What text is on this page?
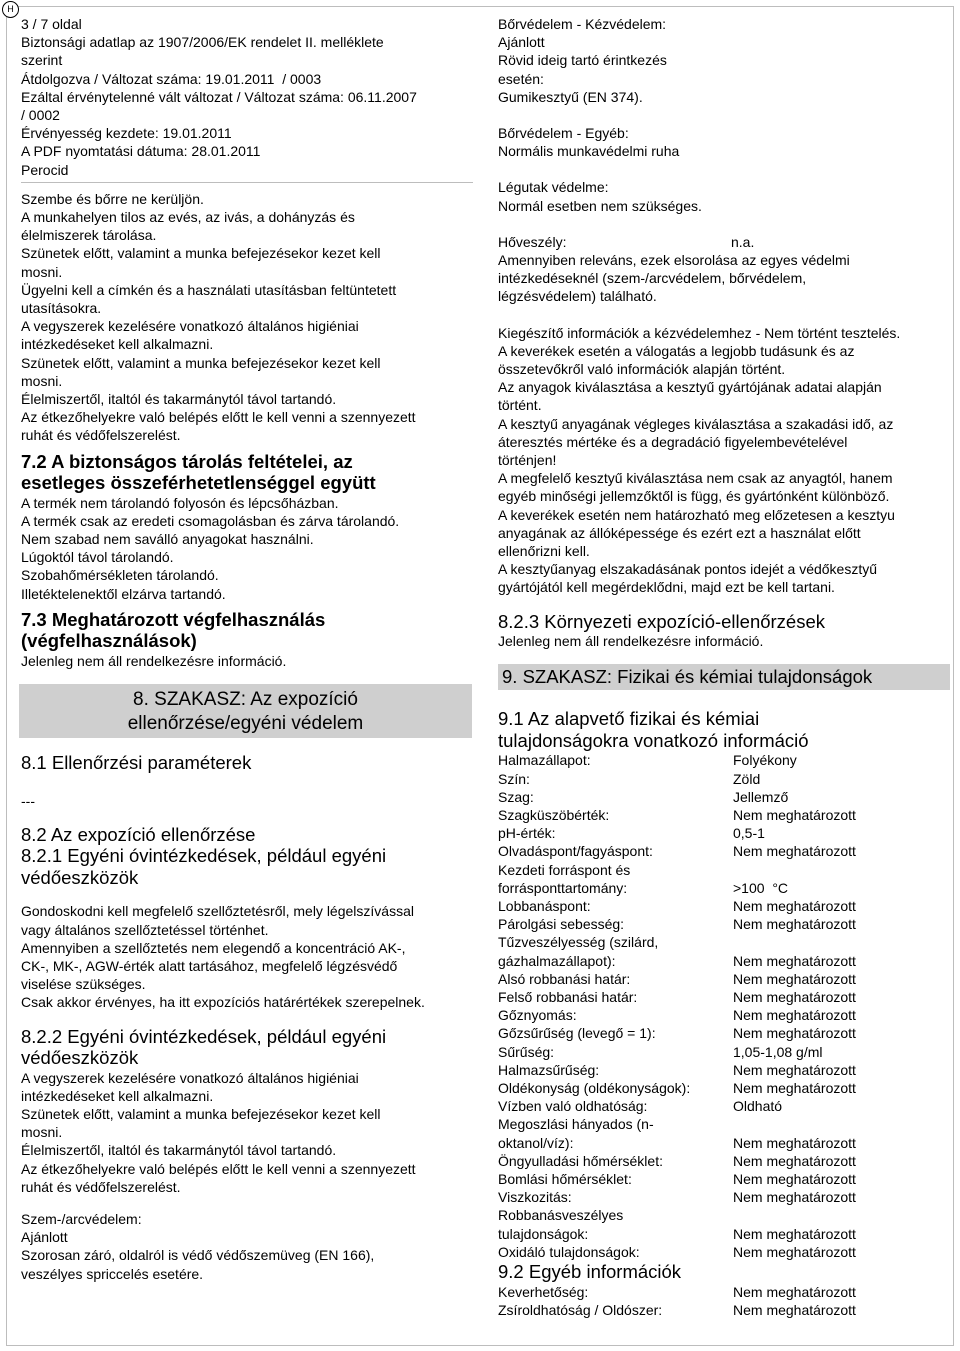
H
3 / 7 oldal
Biztonsági adatlap az 1907/2006/EK rendelet II. melléklete
szerint
Átdolgozva / Változat száma: 19.01.2011  / 0003
Ezáltal érvénytelenné vált változat / Változat száma: 06.11.2007
/ 0002
Érvényesség kezdete: 19.01.2011
A PDF nyomtatási dátuma: 28.01.2011
Perocid
Szembe és bőrre ne kerüljön.
A munkahelyen tilos az evés, az ivás, a dohányzás és
élelmiszerek tárolása.
Szünetek előtt, valamint a munka befejezésekor kezet kell
mosni.
Ügyelni kell a címkén és a használati utasításban feltüntetett
utasításokra.
A vegyszerek kezelésére vonatkozó általános higiéniai
intézkedéseket kell alkalmazni.
Szünetek előtt, valamint a munka befejezésekor kezet kell
mosni.
Élelmiszertől, italtól és takarmánytól távol tartandó.
Az étkezőhelyekre való belépés előtt le kell venni a szennyezett
ruhát és védőfelszerelést.
7.2 A biztonságos tárolás feltételei, az
esetleges összeférhetetlenséggel együtt
A termék nem tárolandó folyosón és lépcsőházban.
A termék csak az eredeti csomagolásban és zárva tárolandó.
Nem szabad nem saválló anyagokat használni.
Lúgoktól távol tárolandó.
Szobahőmérsékleten tárolandó.
Illetéktelenektől elzárva tartandó.
7.3 Meghatározott végfelhasználás
(végfelhasználások)
Jelenleg nem áll rendelkezésre információ.
8. SZAKASZ: Az expozíció
ellenőrzése/egyéni védelem
8.1 Ellenőrzési paraméterek
---
8.2 Az expozíció ellenőrzése
8.2.1 Egyéni óvintézkedések, például egyéni
védőeszközök
Gondoskodni kell megfelelő szellőztetésről, mely légelszívással
vagy általános szellőztetéssel történhet.
Amennyiben a szellőztetés nem elegendő a koncentráció AK-,
CK-, MK-, AGW-érték alatt tartásához, megfelelő légzésvédő
viselése szükséges.
Csak akkor érvényes, ha itt expozíciós határértékek szerepelnek.
8.2.2 Egyéni óvintézkedések, például egyéni
védőeszközök
A vegyszerek kezelésére vonatkozó általános higiéniai
intézkedéseket kell alkalmazni.
Szünetek előtt, valamint a munka befejezésekor kezet kell
mosni.
Élelmiszertől, italtól és takarmánytól távol tartandó.
Az étkezőhelyekre való belépés előtt le kell venni a szennyezett
ruhát és védőfelszerelést.
Szem-/arcvédelem:
Ajánlott
Szorosan záró, oldalról is védő védőszemüveg (EN 166),
veszélyes spriccelés esetére.
Bőrvédelem - Kézvédelem:
Ajánlott
Rövid ideig tartó érintkezés
esetén:
Gumikesztyű (EN 374).
Bőrvédelem - Egyéb:
Normális munkavédelmi ruha
Légutak védelme:
Normál esetben nem szükséges.
Hőveszély:	n.a.
Amennyiben releváns, ezek elsorolása az egyes védelmi
intézkedéseknél (szem-/arcvédelem, bőrvédelem,
légzésvédelem) található.
Kiegészítő információk a kézvédelemhez - Nem történt tesztelés.
A keverékek esetén a válogatás a legjobb tudásunk és az
összetevőkről való információk alapján történt.
Az anyagok kiválasztása a kesztyű gyártójának adatai alapján
történt.
A kesztyű anyagának végleges kiválasztása a szakadási idő, az
áteresztés mértéke és a degradáció figyelembevételével
történjen!
A megfelelő kesztyű kiválasztása nem csak az anyagtól, hanem
egyéb minőségi jellemzőktől is függ, és gyártónként különböző.
A keverékek esetén nem határozható meg előzetesen a kesztyu
anyagának az állóképessége és ezért ezt a használat előtt
ellenőrizni kell.
A kesztyűanyag elszakadásának pontos idejét a védőkesztyű
gyártójától kell megérdeklődni, majd ezt be kell tartani.
8.2.3 Környezeti expozíció-ellenőrzések
Jelenleg nem áll rendelkezésre információ.
9. SZAKASZ: Fizikai és kémiai tulajdonságok
9.1 Az alapvető fizikai és kémiai
tulajdonságokra vonatkozó információ
Halmazállapot:	Folyékony
Szín:	Zöld
Szag:	Jellemző
Szagküszöbérték:	Nem meghatározott
pH-érték:	0,5-1
Olvadáspont/fagyáspont:	Nem meghatározott
Kezdeti forráspont és
forrásponttartomány:	>100  °C
Lobbanáspont:	Nem meghatározott
Párolgási sebesség:	Nem meghatározott
Tűzveszélyesség (szilárd,
gázhalmazállapot):	Nem meghatározott
Alsó robbanási határ:	Nem meghatározott
Felső robbanási határ:	Nem meghatározott
Gőznyomás:	Nem meghatározott
Gőzsűrűség (levegő = 1):	Nem meghatározott
Sűrűség:	1,05-1,08 g/ml
Halmazsűrűség:	Nem meghatározott
Oldékonyság (oldékonyságok):	Nem meghatározott
Vízben való oldhatóság:	Oldható
Megoszlási hányados (n-
oktanol/víz):	Nem meghatározott
Öngyulladási hőmérséklet:	Nem meghatározott
Bomlási hőmérséklet:	Nem meghatározott
Viszkozitás:	Nem meghatározott
Robbanásveszélyes
tulajdonságok:	Nem meghatározott
Oxidáló tulajdonságok:	Nem meghatározott
9.2 Egyéb információk
Keverhetőség:	Nem meghatározott
Zsíroldhatóság / Oldószer:	Nem meghatározott
